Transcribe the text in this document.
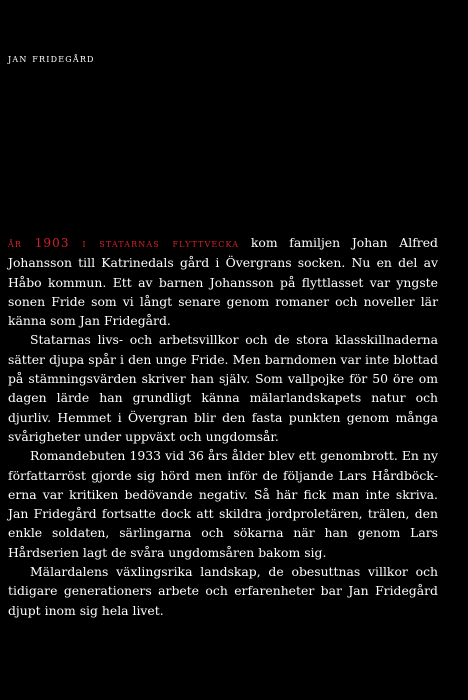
jan fridegård

år 1903 i statarnas flyttvecka kom familjen Johan Alfred Johansson till Katrinedals gård i Övergrans socken. Nu en del av Håbo kommun. Ett av barnen Johansson på flyttlasset var yngste sonen Fride som vi långt senare genom romaner och noveller lär känna som Jan Fridegård.

Statarnas livs- och arbetsvillkor och de stora klasskillnaderna sätter djupa spår i den unge Fride. Men barndomen var inte blottad på stämningsvärden skriver han själv. Som vallpojke för 50 öre om dagen lärde han grundligt känna mälarlandskapets natur och djurliv. Hemmet i Övergran blir den fasta punkten genom många svårigheter under uppväxt och ungdomsår.

Romandebuten 1933 vid 36 års ålder blev ett genombrott. En ny författarröst gjorde sig hörd men inför de följande Lars Hårdböckerna var kritiken bedövande negativ. Så här fick man inte skriva. Jan Fridegård fortsatte dock att skildra jordproletären, trälen, den enkle soldaten, särlingarna och sökarna när han genom Lars Hårdserien lagt de svåra ungdomsåren bakom sig.

Mälardalens växlingsrika landskap, de obesuttnas villkor och tidigare generationers arbete och erfarenheter bar Jan Fridegård djupt inom sig hela livet.
